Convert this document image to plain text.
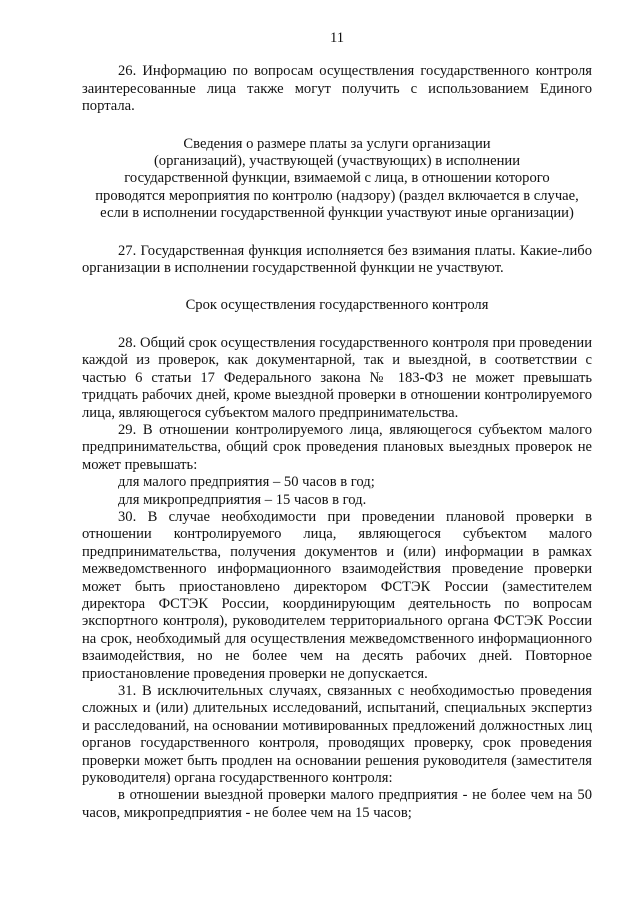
11

26. Информацию по вопросам осуществления государственного контроля заинтересованные лица также могут получить с использованием Единого портала.

Сведения о размере платы за услуги организации

(организаций), участвующей (участвующих) в исполнении

государственной функции, взимаемой с лица, в отношении которого

проводятся мероприятия по контролю (надзору) (раздел включается в случае,

если в исполнении государственной функции участвуют иные организации)

27. Государственная функция исполняется без взимания платы. Какие-либо организации в исполнении государственной функции не участвуют.

Срок осуществления государственного контроля

28. Общий срок осуществления государственного контроля при проведении каждой из проверок, как документарной, так и выездной, в соответствии с частью 6 статьи 17 Федерального закона № 183-ФЗ не может превышать тридцать рабочих дней, кроме выездной проверки в отношении контролируемого лица, являющегося субъектом малого предпринимательства.

29. В отношении контролируемого лица, являющегося субъектом малого предпринимательства, общий срок проведения плановых выездных проверок не может превышать:

для малого предприятия – 50 часов в год;

для микропредприятия – 15 часов в год.

30. В случае необходимости при проведении плановой проверки в отношении контролируемого лица, являющегося субъектом малого предпринимательства, получения документов и (или) информации в рамках межведомственного информационного взаимодействия проведение проверки может быть приостановлено директором ФСТЭК России (заместителем директора ФСТЭК России, координирующим деятельность по вопросам экспортного контроля), руководителем территориального органа ФСТЭК России на срок, необходимый для осуществления межведомственного информационного взаимодействия, но не более чем на десять рабочих дней. Повторное приостановление проведения проверки не допускается.

31. В исключительных случаях, связанных с необходимостью проведения сложных и (или) длительных исследований, испытаний, специальных экспертиз и расследований, на основании мотивированных предложений должностных лиц органов государственного контроля, проводящих проверку, срок проведения проверки может быть продлен на основании решения руководителя (заместителя руководителя) органа государственного контроля:

в отношении выездной проверки малого предприятия - не более чем на 50 часов, микропредприятия - не более чем на 15 часов;
